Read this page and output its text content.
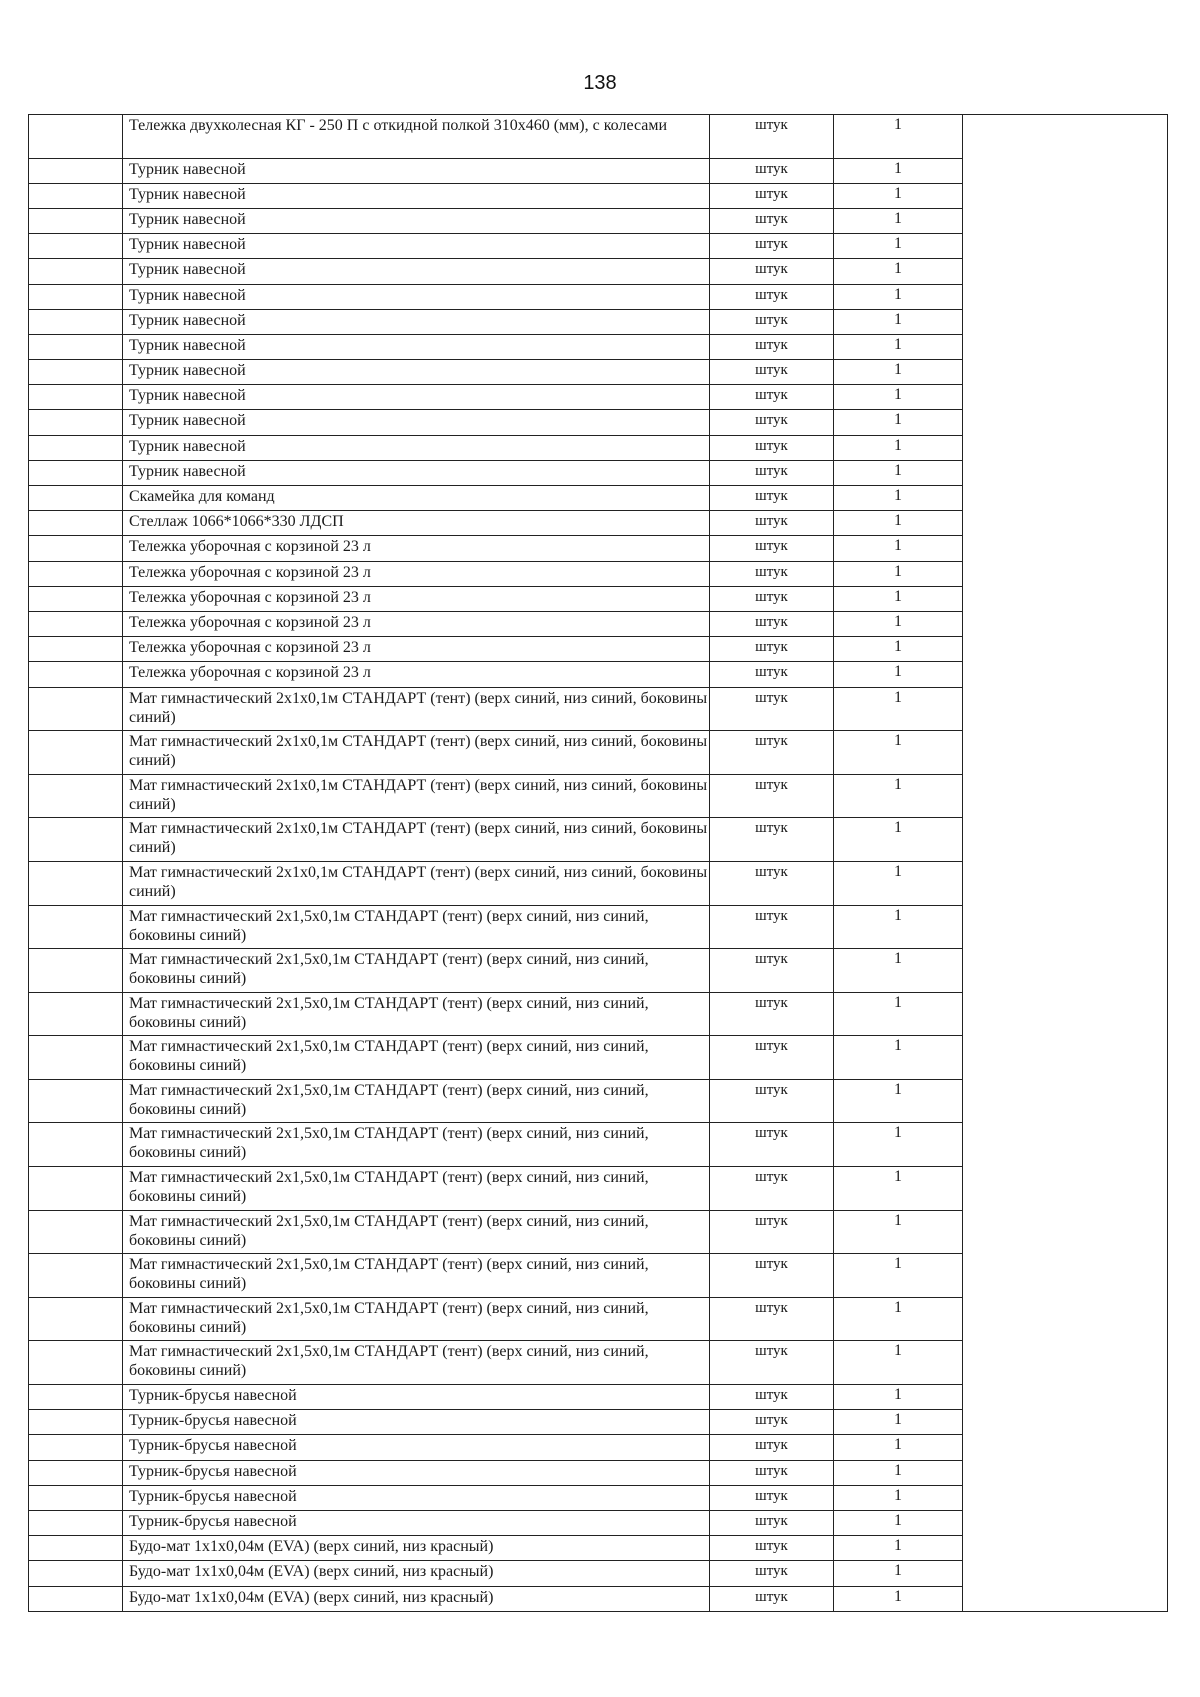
138
	Тележка двухколесная КГ - 250 П с откидной полкой 310х460 (мм), с колесами	штук	1	
	Турник навесной	штук	1	
	Турник навесной	штук	1	
	Турник навесной	штук	1	
	Турник навесной	штук	1	
	Турник навесной	штук	1	
	Турник навесной	штук	1	
	Турник навесной	штук	1	
	Турник навесной	штук	1	
	Турник навесной	штук	1	
	Турник навесной	штук	1	
	Турник навесной	штук	1	
	Турник навесной	штук	1	
	Турник навесной	штук	1	
	Скамейка для команд	штук	1	
	Стеллаж 1066*1066*330 ЛДСП	штук	1	
	Тележка уборочная с корзиной 23 л	штук	1	
	Тележка уборочная с корзиной 23 л	штук	1	
	Тележка уборочная с корзиной 23 л	штук	1	
	Тележка уборочная с корзиной 23 л	штук	1	
	Тележка уборочная с корзиной 23 л	штук	1	
	Тележка уборочная с корзиной 23 л	штук	1	
	Мат гимнастический 2х1х0,1м СТАНДАРТ (тент) (верх синий, низ синий, боковины синий)	штук	1	
	Мат гимнастический 2х1х0,1м СТАНДАРТ (тент) (верх синий, низ синий, боковины синий)	штук	1	
	Мат гимнастический 2х1х0,1м СТАНДАРТ (тент) (верх синий, низ синий, боковины синий)	штук	1	
	Мат гимнастический 2х1х0,1м СТАНДАРТ (тент) (верх синий, низ синий, боковины синий)	штук	1	
	Мат гимнастический 2х1х0,1м СТАНДАРТ (тент) (верх синий, низ синий, боковины синий)	штук	1	
	Мат гимнастический 2х1,5х0,1м СТАНДАРТ (тент) (верх синий, низ синий, боковины синий)	штук	1	
	Мат гимнастический 2х1,5х0,1м СТАНДАРТ (тент) (верх синий, низ синий, боковины синий)	штук	1	
	Мат гимнастический 2х1,5х0,1м СТАНДАРТ (тент) (верх синий, низ синий, боковины синий)	штук	1	
	Мат гимнастический 2х1,5х0,1м СТАНДАРТ (тент) (верх синий, низ синий, боковины синий)	штук	1	
	Мат гимнастический 2х1,5х0,1м СТАНДАРТ (тент) (верх синий, низ синий, боковины синий)	штук	1	
	Мат гимнастический 2х1,5х0,1м СТАНДАРТ (тент) (верх синий, низ синий, боковины синий)	штук	1	
	Мат гимнастический 2х1,5х0,1м СТАНДАРТ (тент) (верх синий, низ синий, боковины синий)	штук	1	
	Мат гимнастический 2х1,5х0,1м СТАНДАРТ (тент) (верх синий, низ синий, боковины синий)	штук	1	
	Мат гимнастический 2х1,5х0,1м СТАНДАРТ (тент) (верх синий, низ синий, боковины синий)	штук	1	
	Мат гимнастический 2х1,5х0,1м СТАНДАРТ (тент) (верх синий, низ синий, боковины синий)	штук	1	
	Мат гимнастический 2х1,5х0,1м СТАНДАРТ (тент) (верх синий, низ синий, боковины синий)	штук	1	
	Турник-брусья навесной	штук	1	
	Турник-брусья навесной	штук	1	
	Турник-брусья навесной	штук	1	
	Турник-брусья навесной	штук	1	
	Турник-брусья навесной	штук	1	
	Турник-брусья навесной	штук	1	
	Будо-мат 1х1х0,04м (EVA) (верх синий, низ красный)	штук	1	
	Будо-мат 1х1х0,04м (EVA) (верх синий, низ красный)	штук	1	
	Будо-мат 1х1х0,04м (EVA) (верх синий, низ красный)	штук	1	
